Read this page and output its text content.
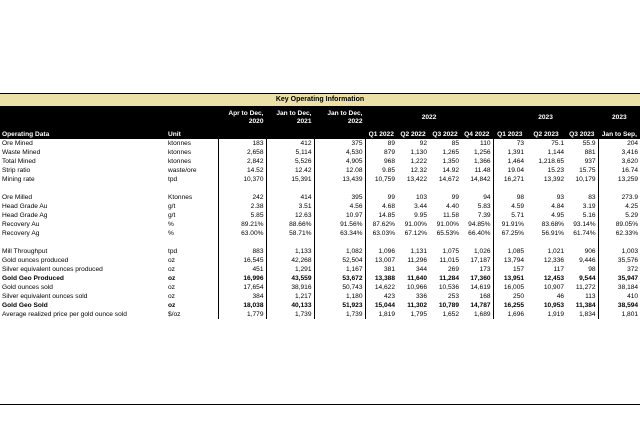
Key Operating Information
		Apr to Dec, 2020	Jan to Dec, 2021	Jan to Dec, 2022	2022				2023			2023
Operating Data	Unit				Q1 2022	Q2 2022	Q3 2022	Q4 2022	Q1 2023	Q2 2023	Q3 2023	Jan to Sep,
Ore Mined	ktonnes	183	412	375	89	92	85	110	73	75.1	55.9	204
Waste Mined	ktonnes	2,658	5,114	4,530	879	1,130	1,265	1,256	1,391	1,144	881	3,416
Total Mined	ktonnes	2,842	5,526	4,905	968	1,222	1,350	1,366	1,464	1,218.65	937	3,620
Strip ratio	waste/ore	14.52	12.42	12.08	9.85	12.32	14.92	11.48	19.04	15.23	15.75	16.74
Mining rate	tpd	10,370	15,391	13,439	10,759	13,422	14,672	14,842	16,271	13,392	10,179	13,259

Ore Milled	Ktonnes	242	414	395	99	103	99	94	98	93	83	273.9
Head Grade Au	g/t	2.38	3.51	4.56	4.68	3.44	4.40	5.83	4.59	4.84	3.19	4.25
Head Grade Ag	g/t	5.85	12.63	10.97	14.85	9.95	11.58	7.39	5.71	4.95	5.16	5.29
Recovery Au	%	89.21%	88.66%	91.56%	87.62%	91.00%	91.00%	94.85%	91.91%	83.68%	93.14%	89.05%
Recovery Ag	%	63.00%	58.71%	63.34%	63.03%	67.12%	65.53%	66.40%	67.25%	56.91%	61.74%	62.33%

Mill Throughput	tpd	883	1,133	1,082	1,096	1,131	1,075	1,026	1,085	1,021	906	1,003
Gold ounces produced	oz	16,545	42,268	52,504	13,007	11,296	11,015	17,187	13,794	12,336	9,446	35,576
Silver equivalent ounces produced	oz	451	1,291	1,167	381	344	269	173	157	117	98	372
Gold Geo Produced	oz	16,996	43,559	53,672	13,388	11,640	11,284	17,360	13,951	12,453	9,544	35,947
Gold ounces sold	oz	17,654	38,916	50,743	14,622	10,966	10,536	14,619	16,005	10,907	11,272	38,184
Silver equivalent ounces sold	oz	384	1,217	1,180	423	336	253	168	250	46	113	410
Gold Geo Sold	oz	18,038	40,133	51,923	15,044	11,302	10,789	14,787	16,255	10,953	11,384	38,594
Average realized price per gold ounce sold	$/oz	1,779	1,739	1,739	1,819	1,795	1,652	1,689	1,696	1,919	1,834	1,801
